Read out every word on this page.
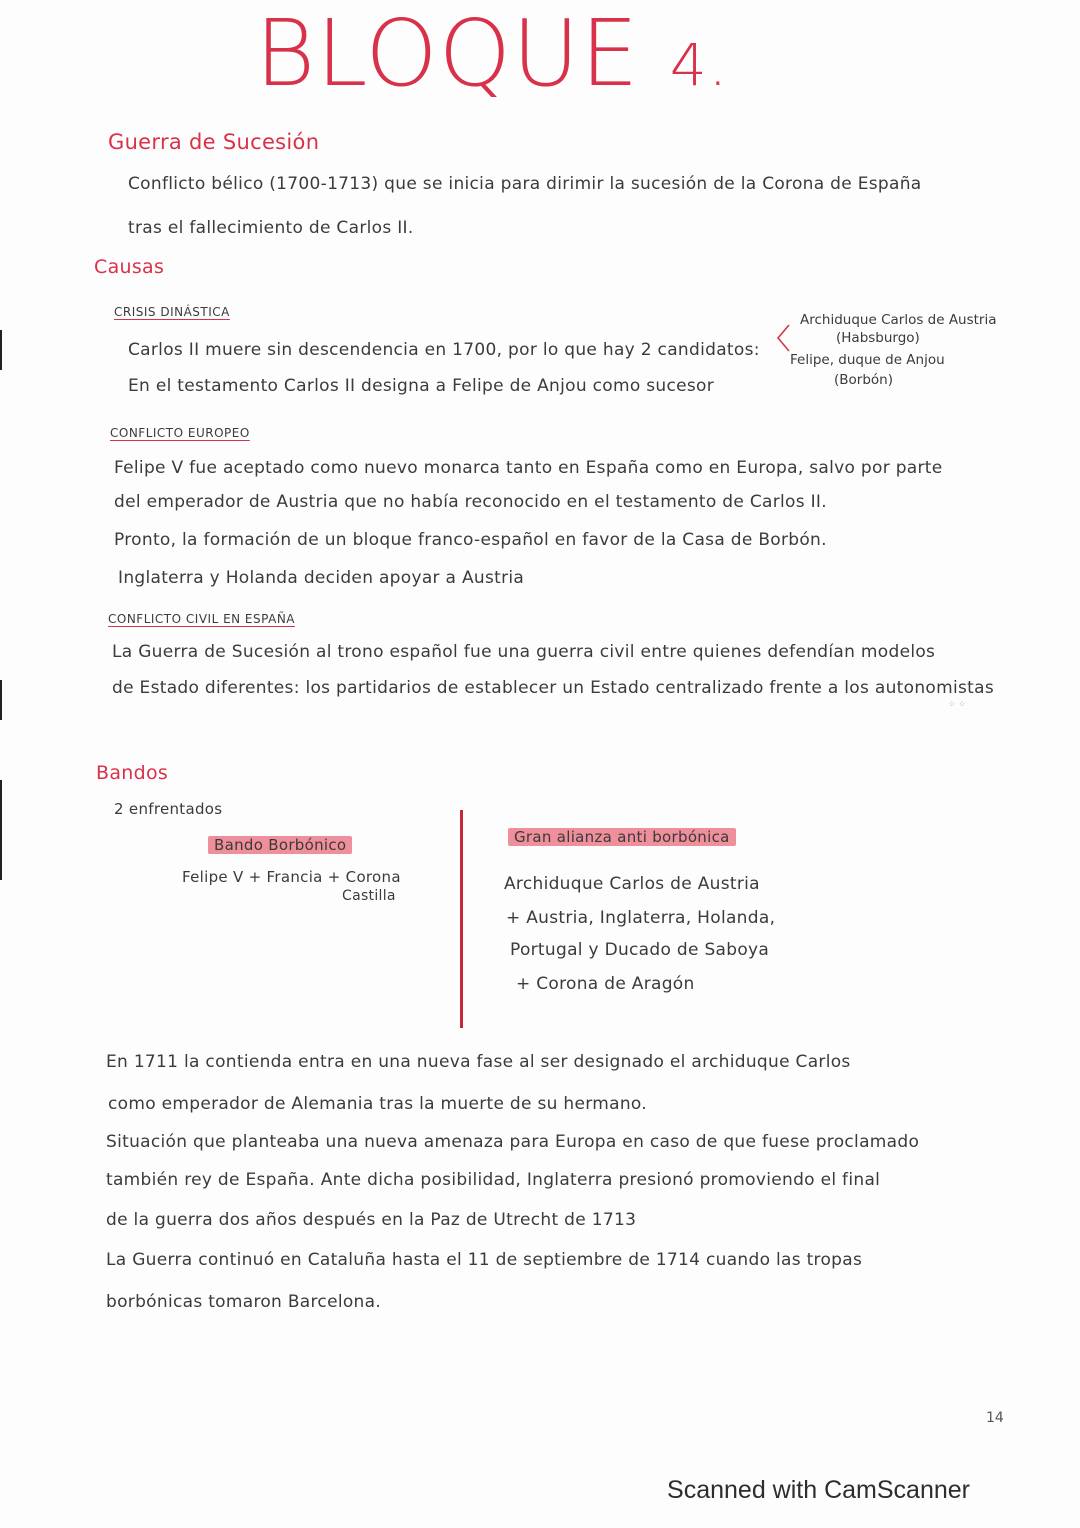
BLOQUE 4.
Guerra de Sucesión
Conflicto bélico (1700-1713) que se inicia para dirimir la sucesión de la Corona de España
tras el fallecimiento de Carlos II.
Causas
CRISIS DINÁSTICA
Carlos II muere sin descendencia en 1700, por lo que hay 2 candidatos:
En el testamento Carlos II designa a Felipe de Anjou como sucesor
Archiduque Carlos de Austria
(Habsburgo)
Felipe, duque de Anjou
(Borbón)
CONFLICTO EUROPEO
Felipe V fue aceptado como nuevo monarca tanto en España como en Europa, salvo por parte
del emperador de Austria que no había reconocido en el testamento de Carlos II.
Pronto, la formación de un bloque franco-español en favor de la Casa de Borbón.
Inglaterra y Holanda deciden apoyar a Austria
CONFLICTO CIVIL EN ESPAÑA
La Guerra de Sucesión al trono español fue una guerra civil entre quienes defendían modelos
de Estado diferentes: los partidarios de establecer un Estado centralizado frente a los autonomistas
⁘ ⁘
Bandos
2 enfrentados
Bando Borbónico
Felipe V + Francia + Corona
Castilla
Gran alianza anti borbónica
Archiduque Carlos de Austria
+ Austria, Inglaterra, Holanda,
Portugal y Ducado de Saboya
+ Corona de Aragón
En 1711 la contienda entra en una nueva fase al ser designado el archiduque Carlos
como emperador de Alemania tras la muerte de su hermano.
Situación que planteaba una nueva amenaza para Europa en caso de que fuese proclamado
también rey de España. Ante dicha posibilidad, Inglaterra presionó promoviendo el final
de la guerra dos años después en la Paz de Utrecht de 1713
La Guerra continuó en Cataluña hasta el 11 de septiembre de 1714 cuando las tropas
borbónicas tomaron Barcelona.
14
Scanned with CamScanner
